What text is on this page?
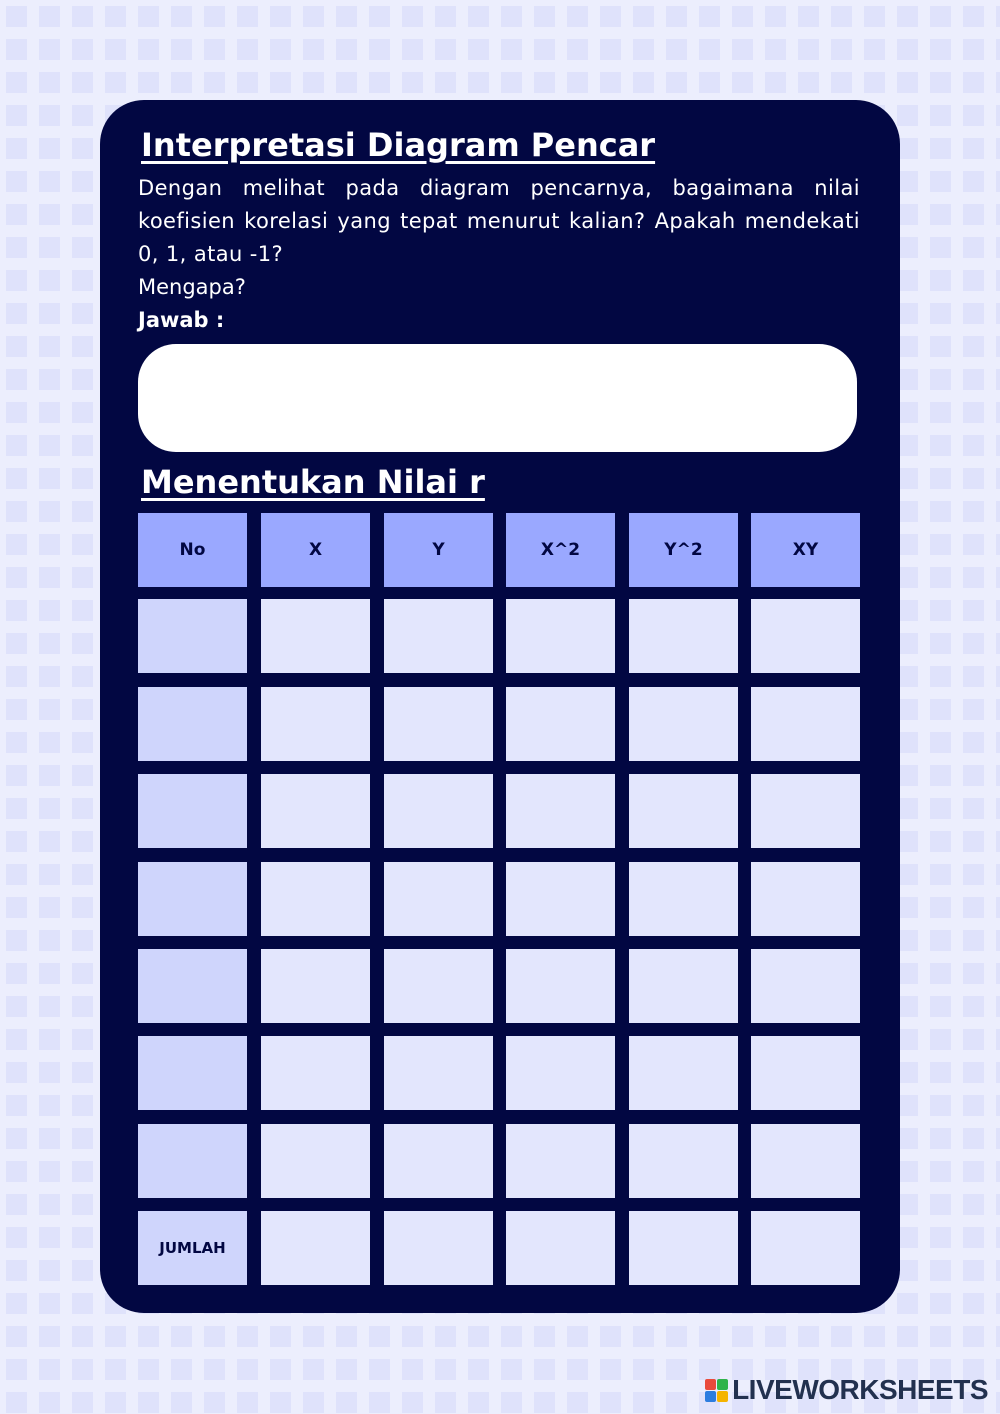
Interpretasi Diagram Pencar
Dengan melihat pada diagram pencarnya, bagaimana nilai koefisien korelasi yang tepat menurut kalian? Apakah mendekati 0, 1, atau -1?
Mengapa?
Jawab :
Menentukan Nilai r
No	X	Y	X^2	Y^2	XY
JUMLAH
LIVEWORKSHEETS
